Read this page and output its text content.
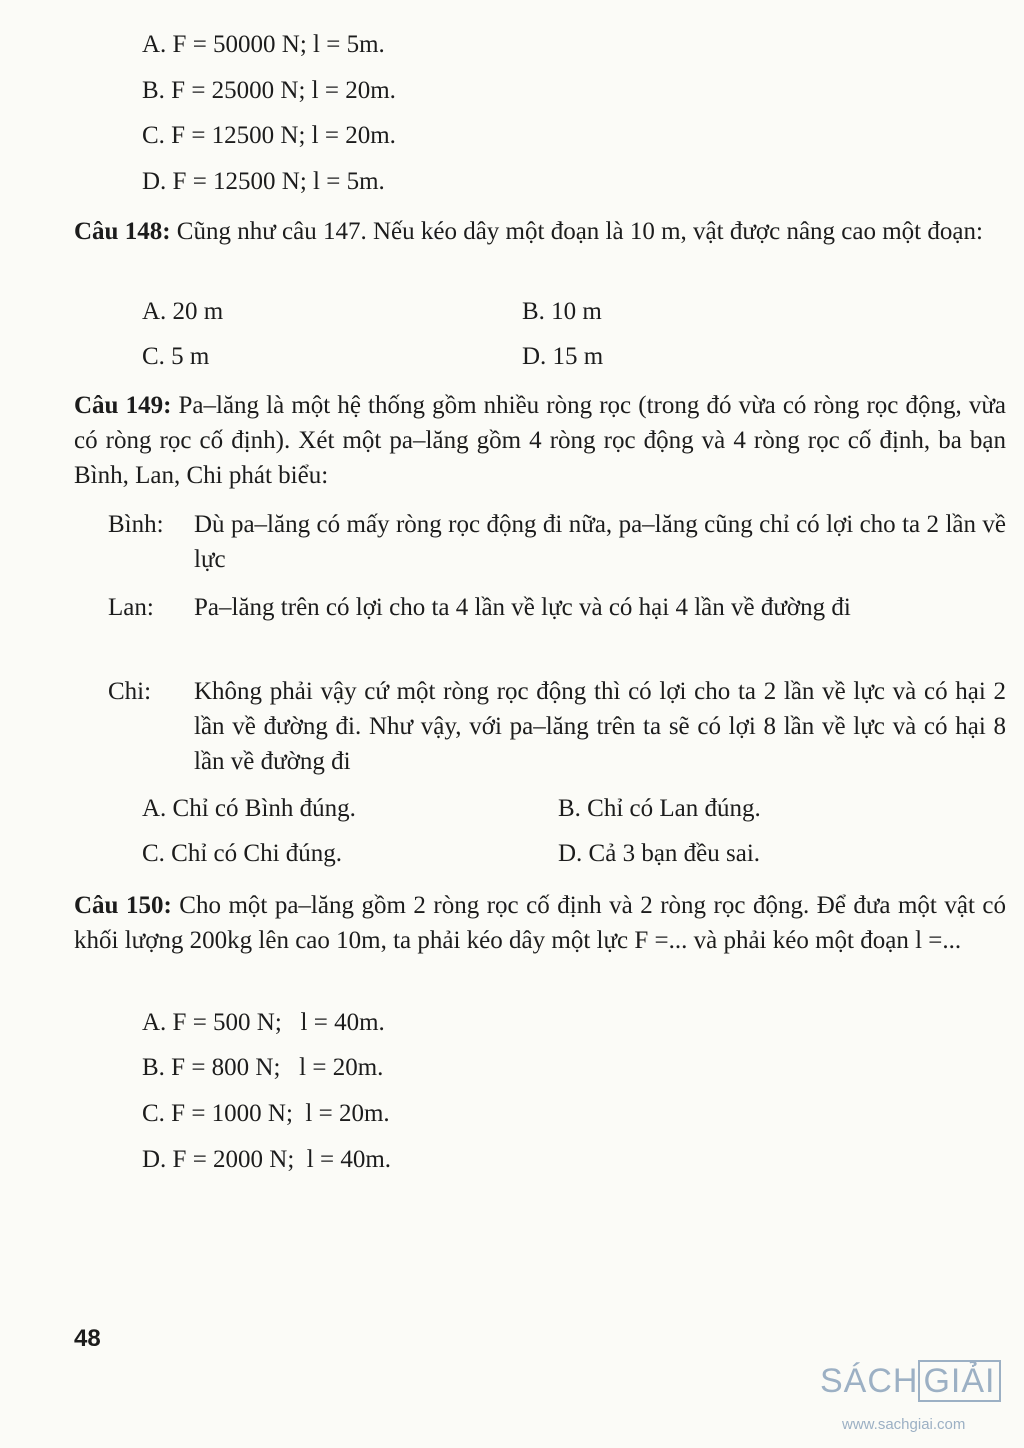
A. F = 50000 N; l = 5m.
B. F = 25000 N; l = 20m.
C. F = 12500 N; l = 20m.
D. F = 12500 N; l = 5m.
Câu 148: Cũng như câu 147. Nếu kéo dây một đoạn là 10 m, vật được nâng cao một đoạn:
A. 20 m	B. 10 m
C. 5 m	D. 15 m
Câu 149: Pa–lăng là một hệ thống gồm nhiều ròng rọc (trong đó vừa có ròng rọc động, vừa có ròng rọc cố định). Xét một pa–lăng gồm 4 ròng rọc động và 4 ròng rọc cố định, ba bạn Bình, Lan, Chi phát biểu:
Bình: Dù pa–lăng có mấy ròng rọc động đi nữa, pa–lăng cũng chỉ có lợi cho ta 2 lần về lực
Lan: Pa–lăng trên có lợi cho ta 4 lần về lực và có hại 4 lần về đường đi
Chi: Không phải vậy cứ một ròng rọc động thì có lợi cho ta 2 lần về lực và có hại 2 lần về đường đi. Như vậy, với pa–lăng trên ta sẽ có lợi 8 lần về lực và có hại 8 lần về đường đi
A. Chỉ có Bình đúng.	B. Chỉ có Lan đúng.
C. Chỉ có Chi đúng.	D. Cả 3 bạn đều sai.
Câu 150: Cho một pa–lăng gồm 2 ròng rọc cố định và 2 ròng rọc động. Để đưa một vật có khối lượng 200kg lên cao 10m, ta phải kéo dây một lực F =... và phải kéo một đoạn l =...
A. F = 500 N;   l = 40m.
B. F = 800 N;   l = 20m.
C. F = 1000 N;  l = 20m.
D. F = 2000 N;  l = 40m.
48
SÁCH GIẢI
www.sachgiai.com
